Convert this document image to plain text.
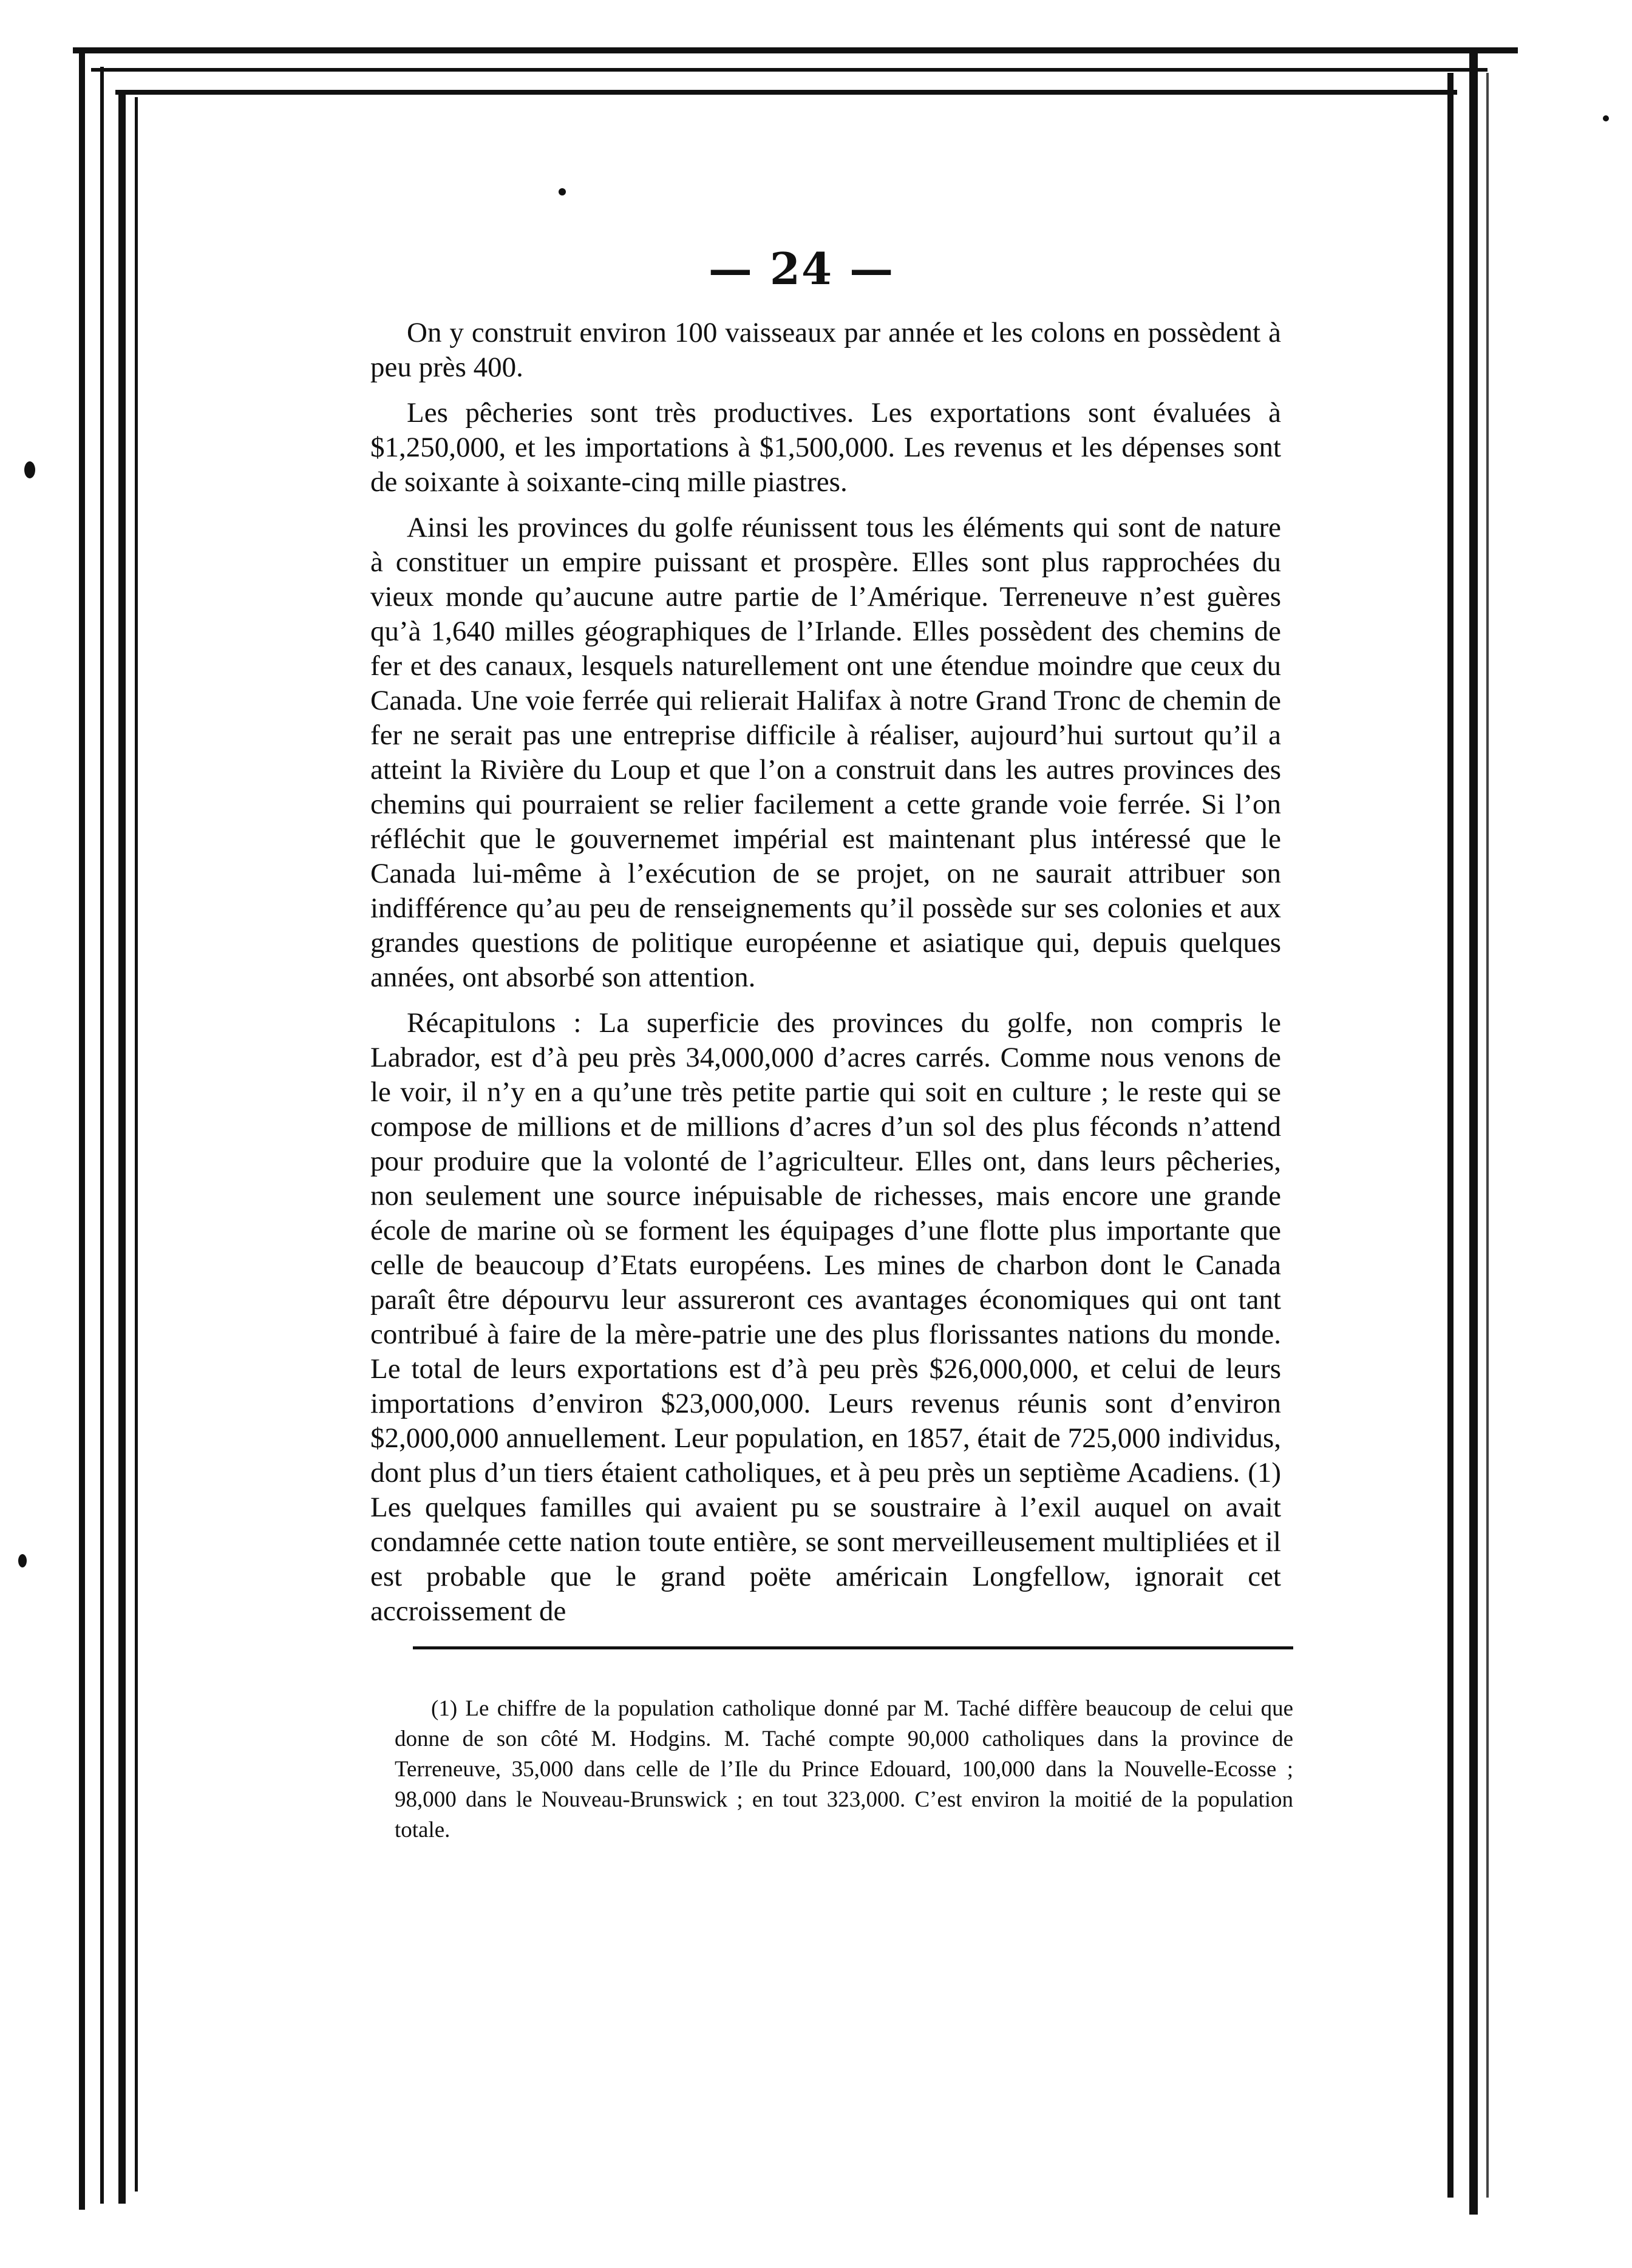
— 24 —

On y construit environ 100 vaisseaux par année et les colons en possèdent à peu près 400.

Les pêcheries sont très productives. Les exportations sont évaluées à $1,250,000, et les importations à $1,500,000. Les revenus et les dépenses sont de soixante à soixante-cinq mille piastres.

Ainsi les provinces du golfe réunissent tous les éléments qui sont de nature à constituer un empire puissant et prospère. Elles sont plus rapprochées du vieux monde qu’aucune autre partie de l’Amérique. Terreneuve n’est guères qu’à 1,640 milles géographiques de l’Irlande. Elles possèdent des chemins de fer et des canaux, lesquels naturellement ont une étendue moindre que ceux du Canada. Une voie ferrée qui relierait Halifax à notre Grand Tronc de chemin de fer ne serait pas une entreprise difficile à réaliser, aujourd’hui surtout qu’il a atteint la Rivière du Loup et que l’on a construit dans les autres provinces des chemins qui pourraient se relier facilement a cette grande voie ferrée. Si l’on réfléchit que le gouvernemet impérial est maintenant plus intéressé que le Canada lui-même à l’exécution de se projet, on ne saurait attribuer son indifférence qu’au peu de renseignements qu’il possède sur ses colonies et aux grandes questions de politique européenne et asiatique qui, depuis quelques années, ont absorbé son attention.

Récapitulons : La superficie des provinces du golfe, non compris le Labrador, est d’à peu près 34,000,000 d’acres carrés. Comme nous venons de le voir, il n’y en a qu’une très petite partie qui soit en culture ; le reste qui se compose de millions et de millions d’acres d’un sol des plus féconds n’attend pour produire que la volonté de l’agriculteur. Elles ont, dans leurs pêcheries, non seulement une source inépuisable de richesses, mais encore une grande école de marine où se forment les équipages d’une flotte plus importante que celle de beaucoup d’Etats européens. Les mines de charbon dont le Canada paraît être dépourvu leur assureront ces avantages économiques qui ont tant contribué à faire de la mère-patrie une des plus florissantes nations du monde. Le total de leurs exportations est d’à peu près $26,000,000, et celui de leurs importations d’environ $23,000,000. Leurs revenus réunis sont d’environ $2,000,000 annuellement. Leur population, en 1857, était de 725,000 individus, dont plus d’un tiers étaient catholiques, et à peu près un septième Acadiens. (1) Les quelques familles qui avaient pu se soustraire à l’exil auquel on avait condamnée cette nation toute entière, se sont merveilleusement multipliées et il est probable que le grand poëte américain Longfellow, ignorait cet accroissement de

(1) Le chiffre de la population catholique donné par M. Taché diffère beaucoup de celui que donne de son côté M. Hodgins. M. Taché compte 90,000 catholiques dans la province de Terreneuve, 35,000 dans celle de l’Ile du Prince Edouard, 100,000 dans la Nouvelle-Ecosse ; 98,000 dans le Nouveau-Brunswick ; en tout 323,000. C’est environ la moitié de la population totale.
